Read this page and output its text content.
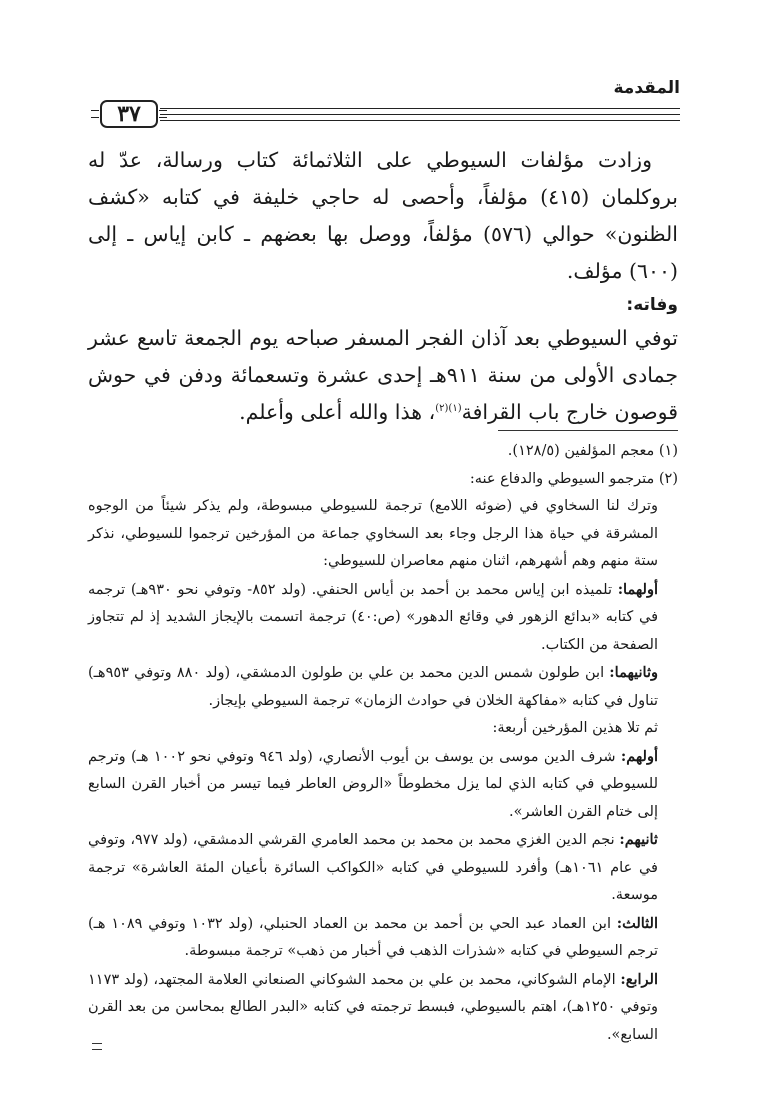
المقدمة
٣٧

وزادت مؤلفات السيوطي على الثلاثمائة كتاب ورسالة، عدّ له بروكلمان (٤١٥) مؤلفاً، وأحصى له حاجي خليفة في كتابه «كشف الظنون» حوالي (٥٧٦) مؤلفاً، ووصل بها بعضهم ـ كابن إياس ـ إلى (٦٠٠) مؤلف.

وفاته:

توفي السيوطي بعد آذان الفجر المسفر صباحه يوم الجمعة تاسع عشر جمادى الأولى من سنة ٩١١هـ إحدى عشرة وتسعمائة ودفن في حوش قوصون خارج باب القرافة$^{(١)(٢)}$، هذا والله أعلى وأعلم.

(١) معجم المؤلفين (١٢٨/٥).

(٢) مترجمو السيوطي والدفاع عنه:

وترك لنا السخاوي في (ضوئه اللامع) ترجمة للسيوطي مبسوطة، ولم يذكر شيئاً من الوجوه المشرقة في حياة هذا الرجل وجاء بعد السخاوي جماعة من المؤرخين ترجموا للسيوطي، نذكر ستة منهم وهم أشهرهم، اثنان منهم معاصران للسيوطي:

أولهما: تلميذه ابن إياس محمد بن أحمد بن أياس الحنفي. (ولد ٨٥٢- وتوفي نحو ٩٣٠هـ) ترجمه في كتابه «بدائع الزهور في وقائع الدهور» (ص:٤٠) ترجمة اتسمت بالإيجاز الشديد إذ لم تتجاوز الصفحة من الكتاب.

وثانيهما: ابن طولون شمس الدين محمد بن علي بن طولون الدمشقي، (ولد ٨٨٠ وتوفي ٩٥٣هـ) تناول في كتابه «مفاكهة الخلان في حوادث الزمان» ترجمة السيوطي بإيجاز.

ثم تلا هذين المؤرخين أربعة:

أولهم: شرف الدين موسى بن يوسف بن أيوب الأنصاري، (ولد ٩٤٦ وتوفي نحو ١٠٠٢ هـ) وترجم للسيوطي في كتابه الذي لما يزل مخطوطاً «الروض العاطر فيما تيسر من أخبار القرن السابع إلى ختام القرن العاشر».

ثانيهم: نجم الدين الغزي محمد بن محمد بن محمد العامري القرشي الدمشقي، (ولد ٩٧٧، وتوفي في عام ١٠٦١هـ) وأفرد للسيوطي في كتابه «الكواكب السائرة بأعيان المئة العاشرة» ترجمة موسعة.

الثالث: ابن العماد عبد الحي بن أحمد بن محمد بن العماد الحنبلي، (ولد ١٠٣٢ وتوفي ١٠٨٩ هـ) ترجم السيوطي في كتابه «شذرات الذهب في أخبار من ذهب» ترجمة مبسوطة.

الرابع: الإمام الشوكاني، محمد بن علي بن محمد الشوكاني الصنعاني العلامة المجتهد، (ولد ١١٧٣ وتوفي ١٢٥٠هـ)، اهتم بالسيوطي، فبسط ترجمته في كتابه «البدر الطالع بمحاسن من بعد القرن السابع».
